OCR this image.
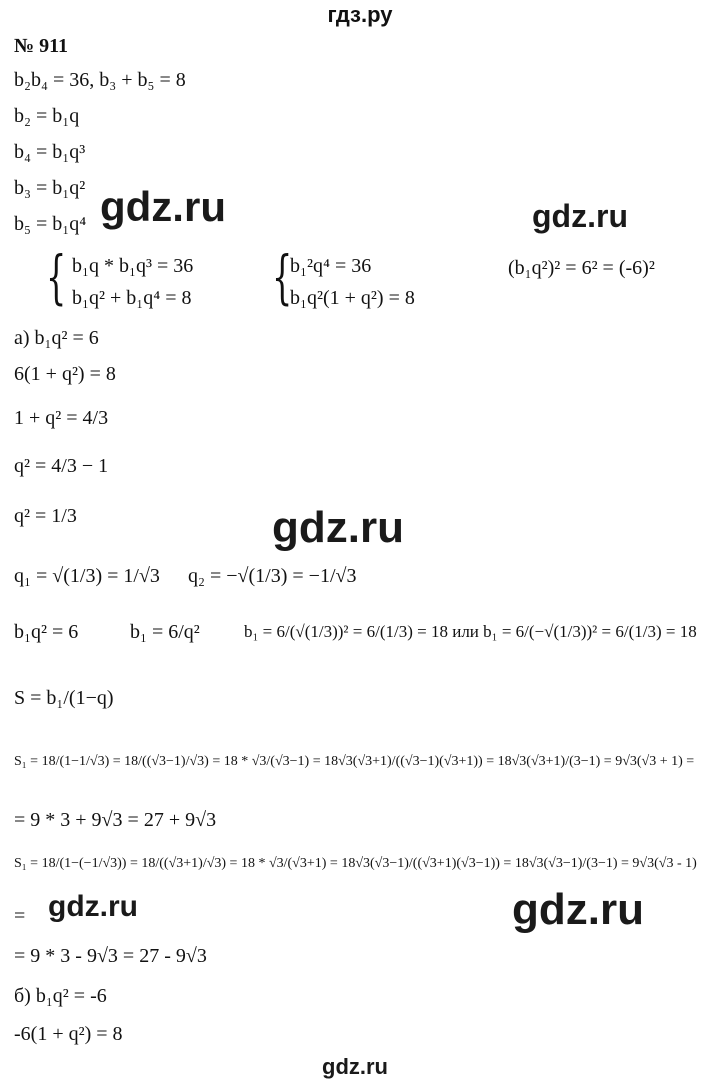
гдз.ру
№ 911
b₂b₄ = 36, b₃ + b₅ = 8
b₂ = b₁q
b₄ = b₁q³
b₃ = b₁q²
b₅ = b₁q⁴
{ b₁q * b₁q³ = 36
b₁q² + b₁q⁴ = 8 {
b₁²q⁴ = 36
b₁q²(1 + q²) = 8
(b₁q²)² = 6² = (-6)²
а) b₁q² = 6
6(1 + q²) = 8
1 + q² = 4/3
q² = 4/3 − 1
q² = 1/3
q₁ = √(1/3) = 1/√3 q₂ = −√(1/3) = −1/√3
b₁q² = 6	b₁ = 6/q²	b₁ = 6/(√(1/3))² = 6/(1/3) = 18 или b₁ = 6/(−√(1/3))² = 6/(1/3) = 18
S = b₁/(1−q)
S₁ = 18/(1−1/√3) = 18/((√3−1)/√3) = 18 * √3/(√3−1) = 18√3(√3+1)/((√3−1)(√3+1)) = 18√3(√3+1)/(3−1) = 9√3(√3 + 1) =
= 9 * 3 + 9√3 = 27 + 9√3
S₁ = 18/(1−(−1/√3)) = 18/((√3+1)/√3) = 18 * √3/(√3+1) = 18√3(√3−1)/((√3+1)(√3−1)) = 18√3(√3−1)/(3−1) = 9√3(√3 - 1)
=
= 9 * 3 - 9√3 = 27 - 9√3
б) b₁q² = -6
-6(1 + q²) = 8
gdz.ru	gdz.ru
gdz.ru
gdz.ru	gdz.ru
gdz.ru
